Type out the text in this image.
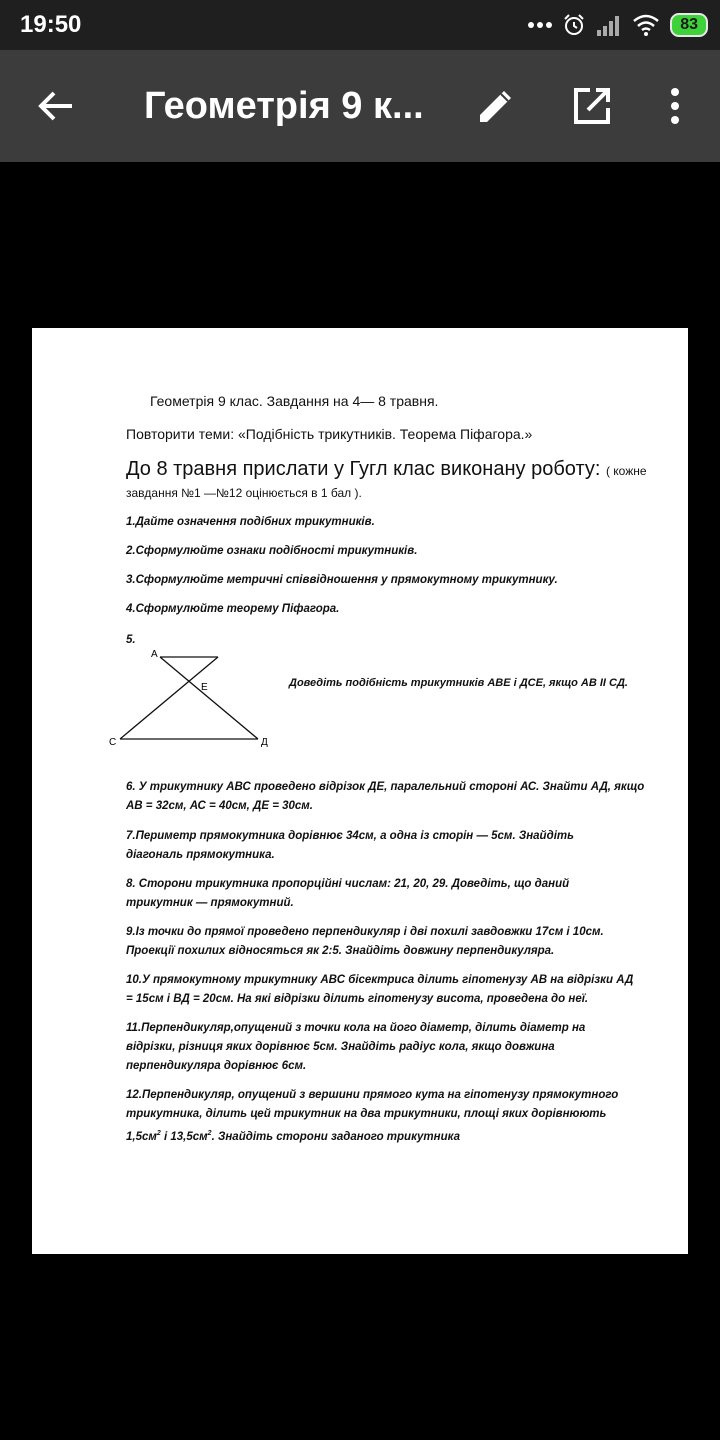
19:50	83
Геометрія 9 к...
Геометрія 9 клас. Завдання на 4— 8 травня.
Повторити теми: «Подібність трикутників. Теорема Піфагора.»
До 8 травня прислати у Гугл клас виконану роботу: ( кожне
завдання №1 —№12 оцінюється в 1 бал ).
1.Дайте означення подібних трикутників.
2.Сформулюйте ознаки подібності трикутників.
3.Сформулюйте метричні співвідношення у прямокутному трикутнику.
4.Сформулюйте теорему Піфагора.
5.
А
Е
С	Д
Доведіть подібність трикутників АВЕ і ДСЕ, якщо АВ ІІ СД.
6. У трикутнику АВС проведено відрізок ДЕ, паралельний стороні АС. Знайти АД, якщо
АВ = 32см, АС = 40см, ДЕ = 30см.
7.Периметр прямокутника дорівнює 34см, а одна із сторін — 5см. Знайдіть
діагональ прямокутника.
8. Сторони трикутника пропорційні числам: 21, 20, 29. Доведіть, що даний
трикутник — прямокутний.
9.Із точки до прямої проведено перпендикуляр і дві похилі завдовжки 17см і 10см.
Проекції похилих відносяться як 2:5. Знайдіть довжину перпендикуляра.
10.У прямокутному трикутнику АВС бісектриса ділить гіпотенузу АВ на відрізки АД
= 15см і ВД = 20см. На які відрізки ділить гіпотенузу висота, проведена до неї.
11.Перпендикуляр,опущений з точки кола на його діаметр, ділить діаметр на
відрізки, різниця яких дорівнює 5см. Знайдіть радіус кола, якщо довжина
перпендикуляра дорівнює 6см.
12.Перпендикуляр, опущений з вершини прямого кута на гіпотенузу прямокутного
трикутника, ділить цей трикутник на два трикутники, площі яких дорівнюють
$1,5см^2$ і $13,5см^2$. Знайдіть сторони заданого трикутника
